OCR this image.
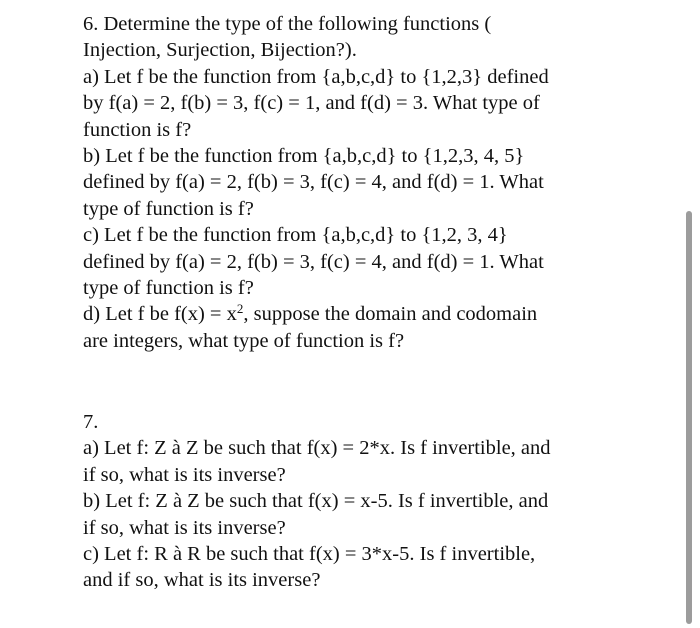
6. Determine the type of the following functions (
Injection, Surjection, Bijection?).
a) Let f be the function from {a,b,c,d} to {1,2,3} defined
by f(a) = 2, f(b) = 3, f(c) = 1, and f(d) = 3. What type of
function is f?
b) Let f be the function from {a,b,c,d} to {1,2,3, 4, 5}
defined by f(a) = 2, f(b) = 3, f(c) = 4, and f(d) = 1. What
type of function is f?
c) Let f be the function from {a,b,c,d} to {1,2, 3, 4}
defined by f(a) = 2, f(b) = 3, f(c) = 4, and f(d) = 1. What
type of function is f?
d) Let f be $f(x) = x^2$, suppose the domain and codomain
are integers, what type of function is f?
7.
a) Let f: Z à Z be such that f(x) = 2*x. Is f invertible, and
if so, what is its inverse?
b) Let f: Z à Z be such that f(x) = x-5. Is f invertible, and
if so, what is its inverse?
c) Let f: R à R be such that f(x) = 3*x-5. Is f invertible,
and if so, what is its inverse?
